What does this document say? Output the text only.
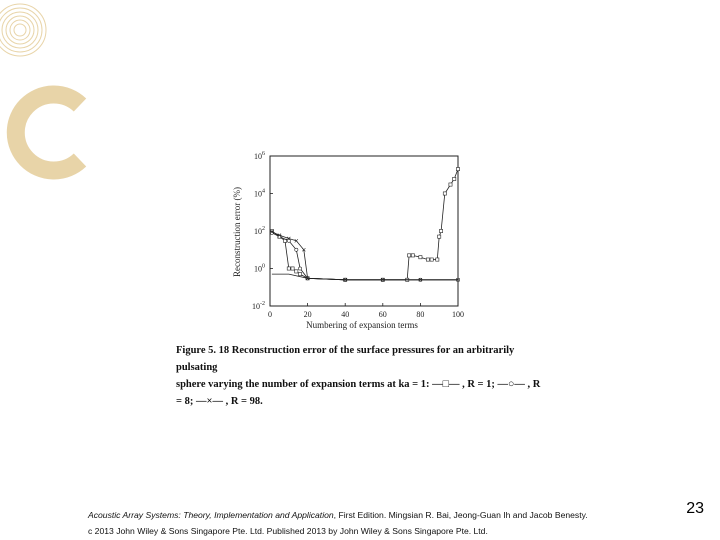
0	20	40	60	80	100
$10^{-2}$
$10^0$
$10^2$
$10^4$
$10^6$
Reconstruction error (%)
Numbering of expansion terms
Figure 5. 18 Reconstruction error of the surface pressures for an arbitrarily pulsating
sphere varying the number of expansion terms at ka = 1: —□— , R = 1; —○— , R
= 8; —×— , R = 98.
Acoustic Array Systems: Theory, Implementation and Application, First Edition. Mingsian R. Bai, Jeong-Guan Ih and Jacob Benesty.
c 2013 John Wiley & Sons Singapore Pte. Ltd. Published 2013 by John Wiley & Sons Singapore Pte. Ltd.
23
